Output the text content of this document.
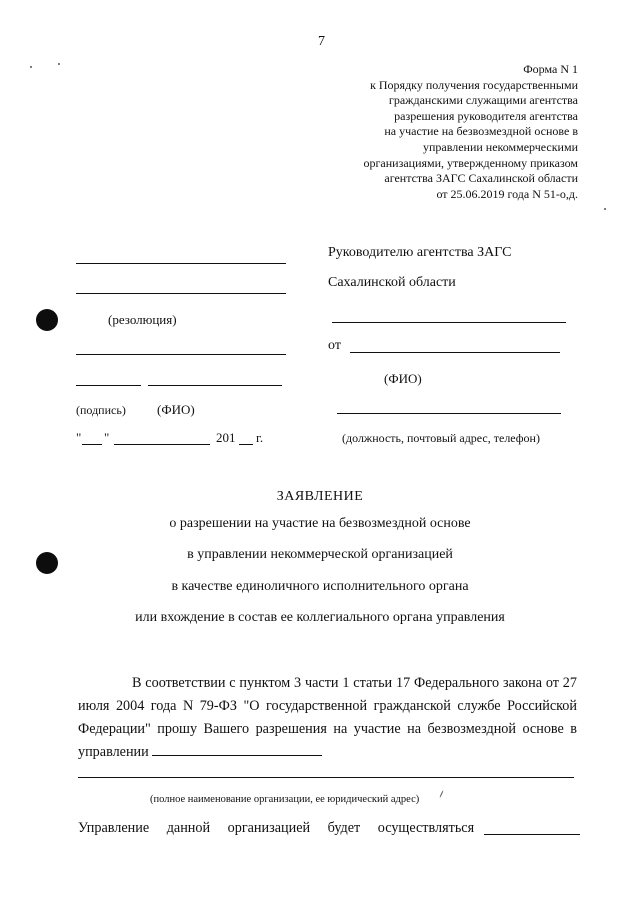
7
Форма N 1
к Порядку получения государственными
гражданскими служащими агентства
разрешения руководителя агентства
на участие на безвозмездной основе в
управлении некоммерческими
организациями, утвержденному приказом
агентства ЗАГС Сахалинской области
от 25.06.2019 года N 51-о,д.
(резолюция)
(подпись) (ФИО)
" "	201 г.
Руководителю агентства ЗАГС
Сахалинской области
от
(ФИО)
(должность, почтовый адрес, телефон)
ЗАЯВЛЕНИЕ
о разрешении на участие на безвозмездной основе
в управлении некоммерческой организацией
в качестве единоличного исполнительного органа
или вхождение в состав ее коллегиального органа управления

В соответствии с пунктом 3 части 1 статьи 17 Федерального закона от 27 июля 2004 года N 79-ФЗ "О государственной гражданской службе Российской Федерации" прошу Вашего разрешения на участие на безвозмездной основе в управлении

(полное наименование организации, ее юридический адрес)
Управление данной организацией будет осуществляться
